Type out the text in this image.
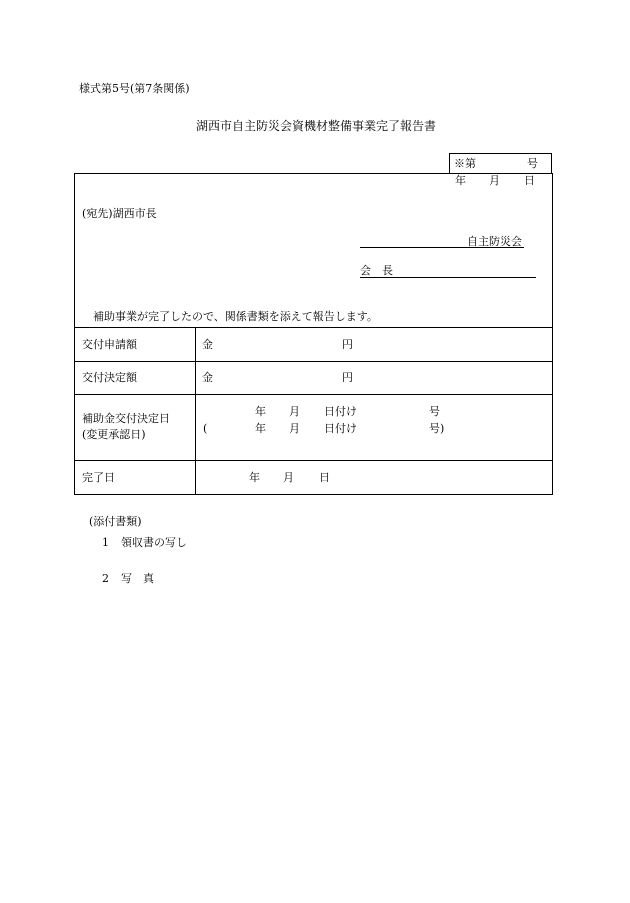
様式第5号(第7条関係)
湖西市自主防災会資機材整備事業完了報告書
※第	号
年 月 日
(宛先)湖西市長
自主防災会
会　長
補助事業が完了したので、関係書類を添えて報告します。
交付申請額	金	円
交付決定額	金	円
補助金交付決定日
(変更承認日)
年 月 日付け	号
(	年 月 日付け	号)
完了日	年 月 日
(添付書類)
1 領収書の写し
2 写　真
